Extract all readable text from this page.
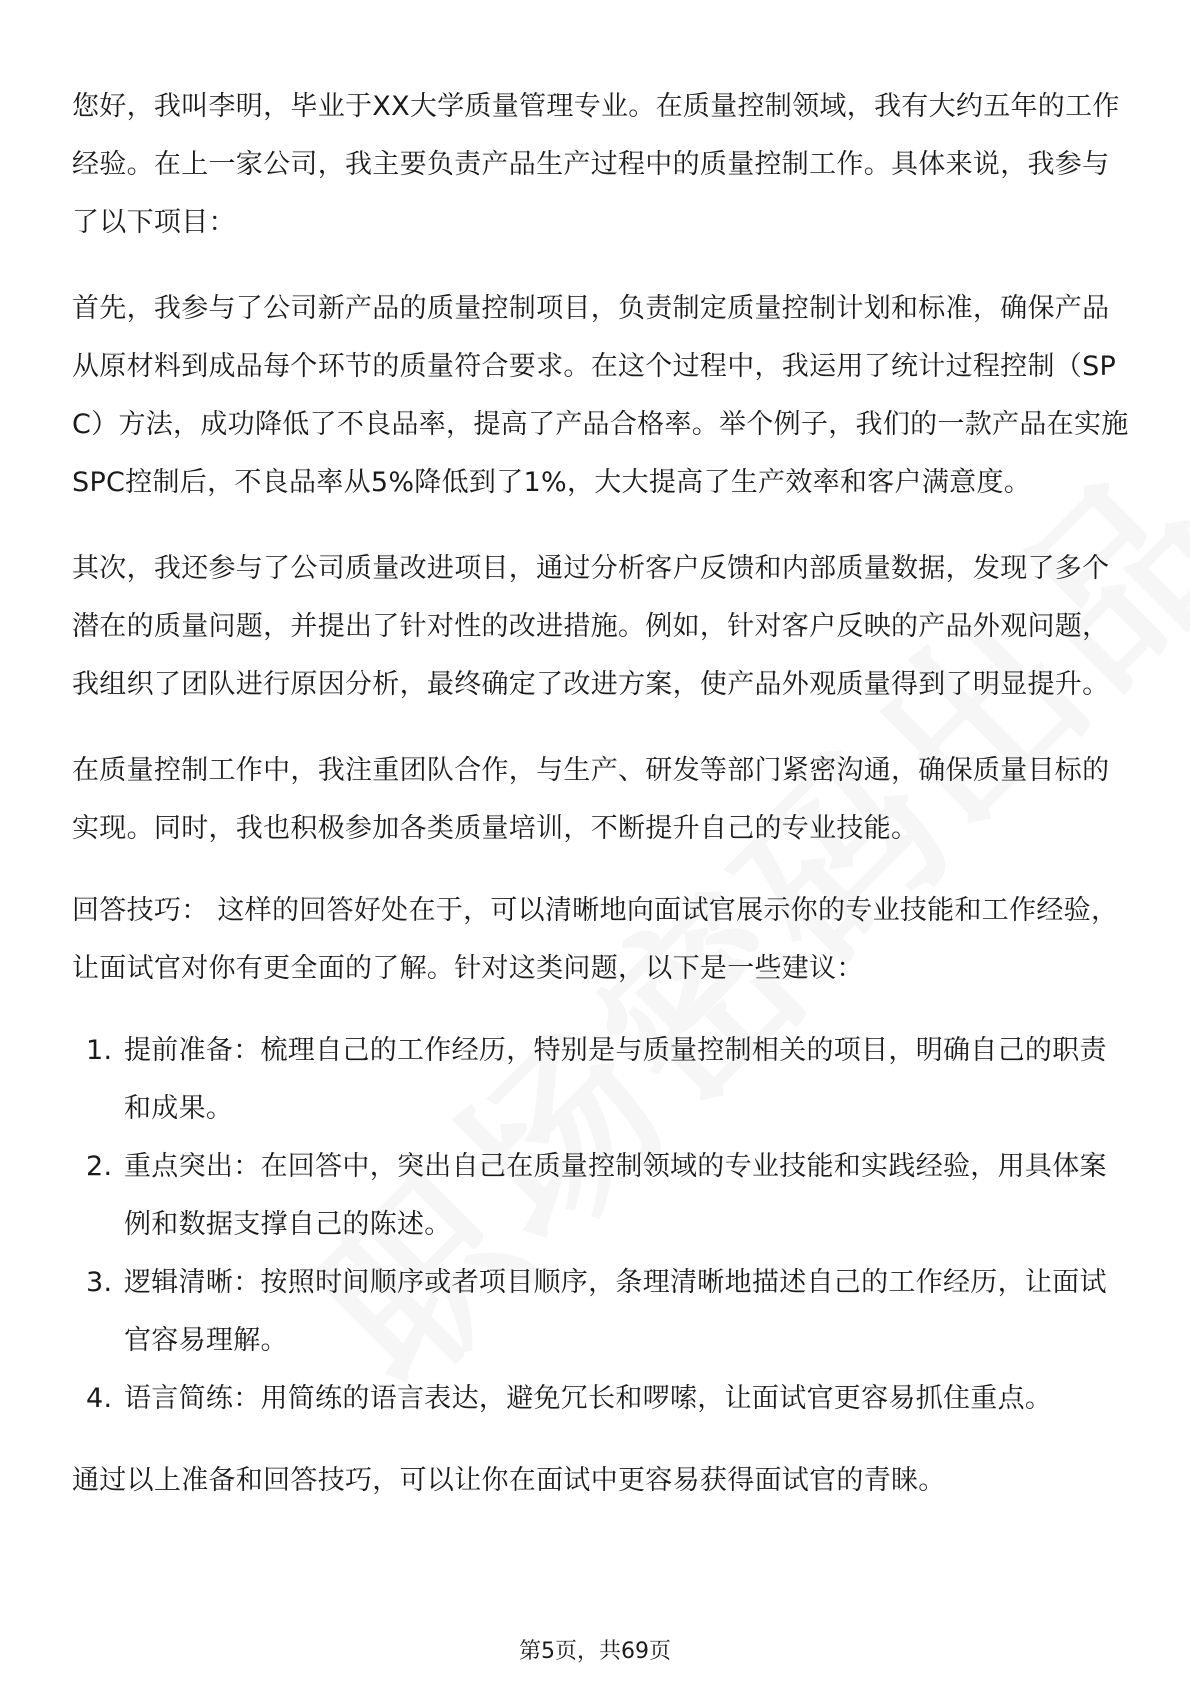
您好，我叫李明，毕业于XX大学质量管理专业。在质量控制领域，我有大约五年的工作经验。在上一家公司，我主要负责产品生产过程中的质量控制工作。具体来说，我参与了以下项目：

首先，我参与了公司新产品的质量控制项目，负责制定质量控制计划和标准，确保产品从原材料到成品每个环节的质量符合要求。在这个过程中，我运用了统计过程控制（SPC）方法，成功降低了不良品率，提高了产品合格率。举个例子，我们的一款产品在实施SPC控制后，不良品率从5%降低到了1%，大大提高了生产效率和客户满意度。

其次，我还参与了公司质量改进项目，通过分析客户反馈和内部质量数据，发现了多个潜在的质量问题，并提出了针对性的改进措施。例如，针对客户反映的产品外观问题，我组织了团队进行原因分析，最终确定了改进方案，使产品外观质量得到了明显提升。

在质量控制工作中，我注重团队合作，与生产、研发等部门紧密沟通，确保质量目标的实现。同时，我也积极参加各类质量培训，不断提升自己的专业技能。

回答技巧： 这样的回答好处在于，可以清晰地向面试官展示你的专业技能和工作经验，让面试官对你有更全面的了解。针对这类问题，以下是一些建议：

1. 提前准备：梳理自己的工作经历，特别是与质量控制相关的项目，明确自己的职责和成果。
2. 重点突出：在回答中，突出自己在质量控制领域的专业技能和实践经验，用具体案例和数据支撑自己的陈述。
3. 逻辑清晰：按照时间顺序或者项目顺序，条理清晰地描述自己的工作经历，让面试官容易理解。
4. 语言简练：用简练的语言表达，避免冗长和啰嗦，让面试官更容易抓住重点。

通过以上准备和回答技巧，可以让你在面试中更容易获得面试官的青睐。

第5页，共69页
